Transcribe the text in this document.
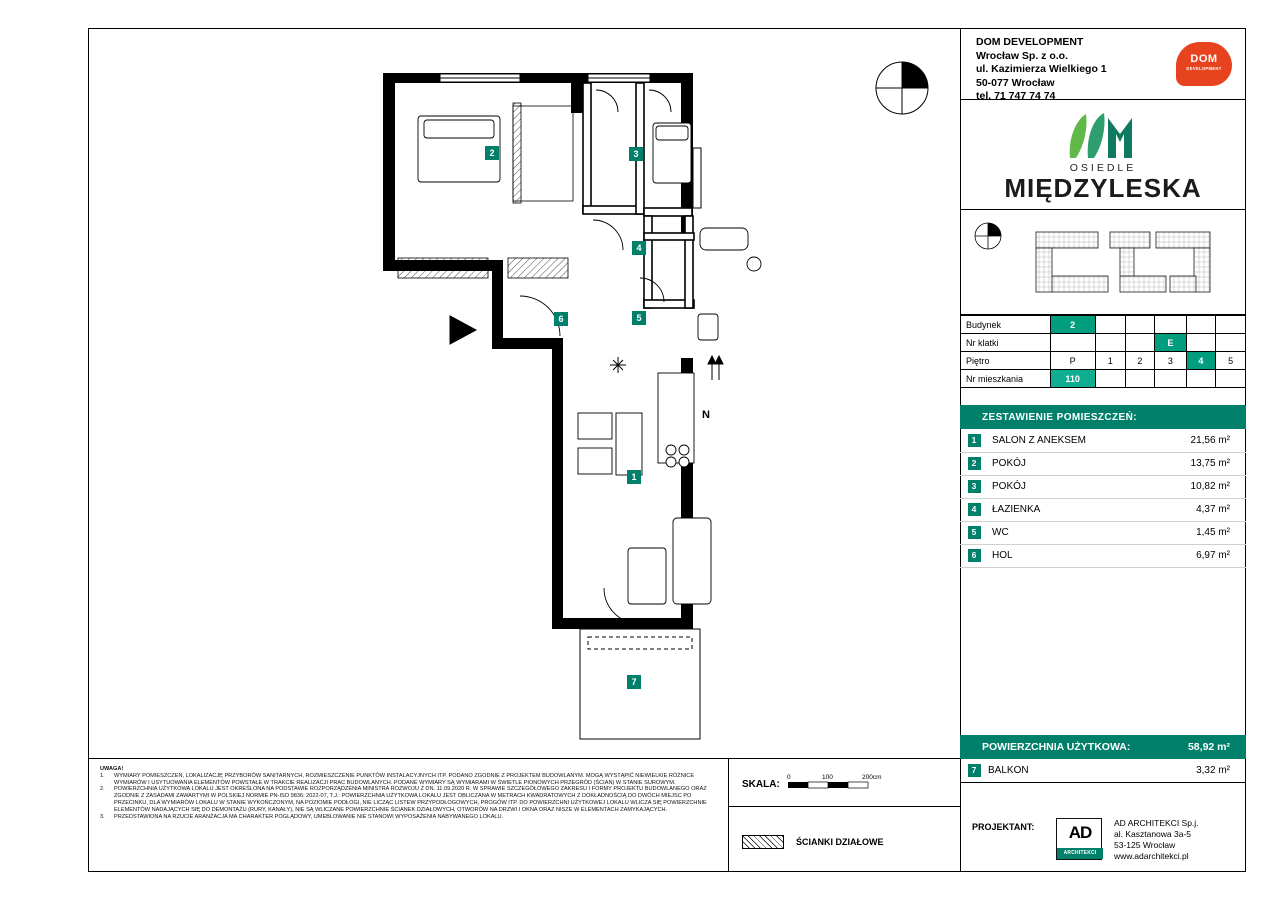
N
2	3
4
5
6
1
7
DOM DEVELOPMENT
Wrocław Sp. z o.o.
ul. Kazimierza Wielkiego 1
50-077 Wrocław
tel. 71 747 74 74
DOM
DEVELOPMENT
OSIEDLE
MIĘDZYLESKA
Budynek	2					
Nr klatki				E		
Piętro	P	1	2	3	4	5
Nr mieszkania	110					
ZESTAWIENIE POMIESZCZEŃ:
1	SALON Z ANEKSEM	21,56 m²
2	POKÓJ	13,75 m²
3	POKÓJ	10,82 m²
4	ŁAZIENKA	4,37 m²
5	WC	1,45 m²
6	HOL	6,97 m²
POWIERZCHNIA UŻYTKOWA:	58,92 m²
7	BALKON	3,32 m²
PROJEKTANT:	AD
ARCHITEKCI
AD ARCHITEKCI Sp.j.
al. Kasztanowa 3a-5
53-125 Wrocław
www.adarchitekci.pl
SKALA:
0	100	200cm
ŚCIANKI DZIAŁOWE
UWAGA!
1.	WYMIARY POMIESZCZEŃ, LOKALIZACJĘ PRZYBORÓW SANITARNYCH, ROZMIESZCZENIE PUNKTÓW INSTALACYJNYCH ITP. PODANO ZGODNIE Z PROJEKTEM BUDOWLANYM. MOGĄ WYSTĄPIĆ NIEWIELKIE RÓŻNICE WYMIARÓW I USYTUOWANIA ELEMENTÓW POWSTAŁE W TRAKCIE REALIZACJI PRAC BUDOWLANYCH. PODANE WYMIARY SĄ WYMIARAMI W ŚWIETLE PIONOWYCH PRZEGRÓD (ŚCIAN) W STANIE SUROWYM.
2.	POWIERZCHNIA UŻYTKOWA LOKALU JEST OKREŚLONA NA PODSTAWIE ROZPORZĄDZENIA MINISTRA ROZWOJU Z DN. 11.09.2020 R. W SPRAWIE SZCZEGÓŁOWEGO ZAKRESU I FORMY PROJEKTU BUDOWLANEGO ORAZ ZGODNIE Z ZASADAMI ZAWARTYMI W POLSKIEJ NORMIE PN-ISO 9836: 2022-07, T.J.: POWIERZCHNIA UŻYTKOWA LOKALU JEST OBLICZANA W METRACH KWADRATOWYCH Z DOKŁADNOŚCIĄ DO DWÓCH MIEJSC PO PRZECINKU, DLA WYMIARÓW LOKALU W STANIE WYKOŃCZONYM, NA POZIOMIE PODŁOGI, NIE LICZĄC LISTEW PRZYPODŁOGOWYCH, PROGÓW ITP. DO POWIERZCHNI UŻYTKOWEJ LOKALU WLICZA SIĘ POWIERZCHNIE ELEMENTÓW NADAJĄCYCH SIĘ DO DEMONTAŻU (RURY, KANAŁY), NIE SĄ WLICZANE POWIERZCHNIE ŚCIANEK DZIAŁOWYCH, OTWORÓW NA DRZWI I OKNA ORAZ NISZE W ELEMENTACH ZAMYKAJĄCYCH.
3.	PRZEDSTAWIONA NA RZUCIE ARANŻACJA MA CHARAKTER POGLĄDOWY, UMEBLOWANIE NIE STANOWI WYPOSAŻENIA NABYWANEGO LOKALU.
